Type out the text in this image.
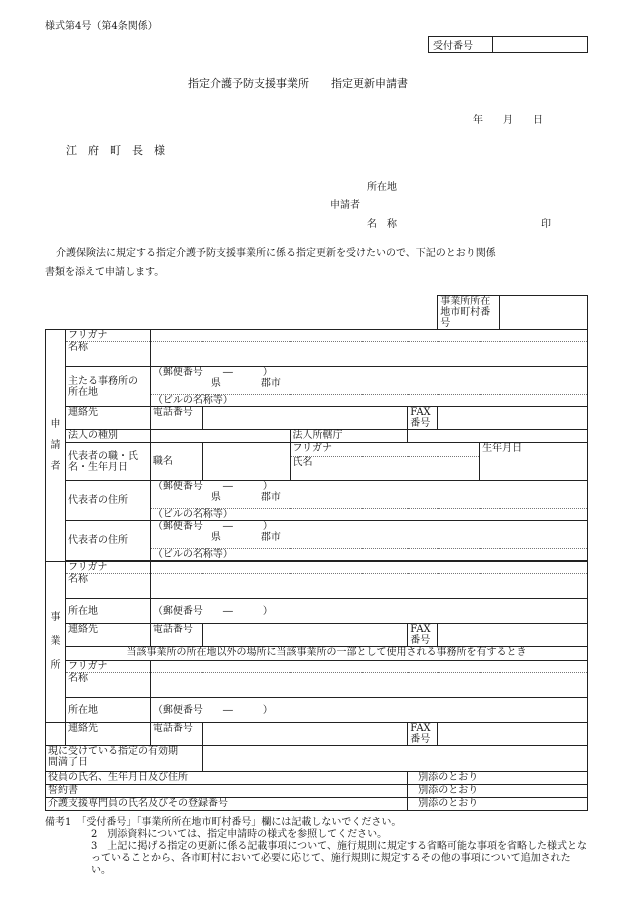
様式第4号（第4条関係）
受付番号	
指定介護予防支援事業所　　指定更新申請書
年　　月　　日
江　府　町　長　様
所在地
申請者
名　称	印
介護保険法に規定する指定介護予防支援事業所に係る指定更新を受けたいので、下記のとおり関係
書類を添えて申請します。
						事業所所在地市町村番号		
申請者	フリガナ							
	名称							
	主たる事務所の
所在地	（郵便番号　　―　　　）
県　　　　郡市						
		（ビルの名称等）						
	連絡先	電話番号			FAX番号			
	法人の種別			法人所轄庁				
	代表者の職・氏
名・生年月日	職名		フリガナ			生年月日	
				氏名				
	代表者の住所	（郵便番号　　―　　　）
県　　　　郡市						
		（ビルの名称等）						
	代表者の住所	（郵便番号　　―　　　）
県　　　　郡市						
		（ビルの名称等）						

事業所	フリガナ							
	名称							
	所在地	（郵便番号　　―　　　）						
	連絡先	電話番号			FAX番号			
	当該事業所の所在地以外の場所に当該事業所の一部として使用される事務所を有するとき							
	フリガナ							
	名称							
	所在地	（郵便番号　　―　　　）						
	連絡先	電話番号			FAX番号			
現に受けている指定の有効期
間満了日								
役員の氏名、生年月日及び住所					別添のとおり			
誓約書					別添のとおり			
介護支援専門員の氏名及びその登録番号					別添のとおり			
備考1　「受付番号」「事業所所在地市町村番号」欄には記載しないでください。
2　別添資料については、指定申請時の様式を参照してください。
3　上記に掲げる指定の更新に係る記載事項について、施行規則に規定する省略可能な事項を省略した様式となっていることから、各市町村において必要に応じて、施行規則に規定するその他の事項について追加されたい。
